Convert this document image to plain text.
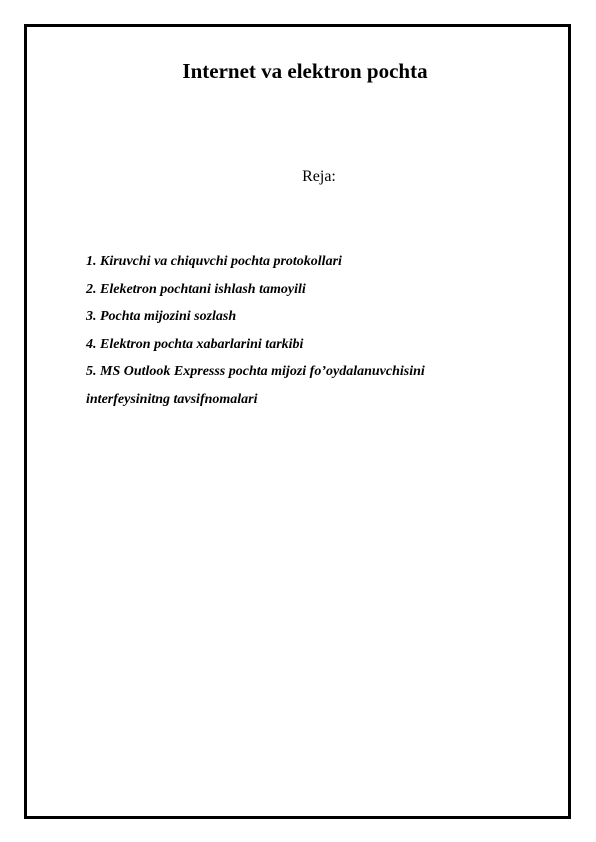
Internet va elektron pochta
Reja:
1. Kiruvchi va chiquvchi pochta protokollari
2. Eleketron pochtani ishlash tamoyili
3. Pochta mijozini sozlash
4. Elektron pochta xabarlarini tarkibi
5. MS Outlook Expresss pochta mijozi fo’oydalanuvchisini
interfeysinitng tavsifnomalari
